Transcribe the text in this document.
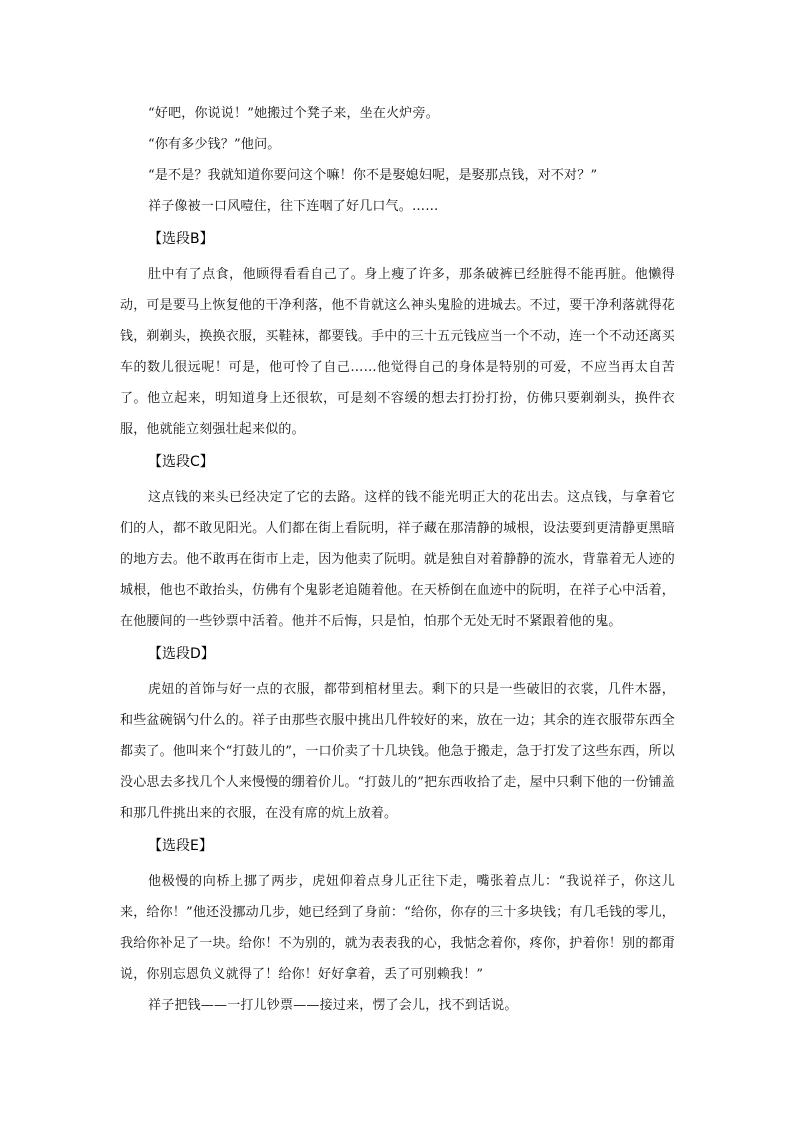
“好吧，你说说！”她搬过个凳子来，坐在火炉旁。

“你有多少钱？”他问。

“是不是？我就知道你要问这个嘛！你不是娶媳妇呢，是娶那点钱，对不对？”

祥子像被一口风噎住，往下连咽了好几口气。……

【选段B】

肚中有了点食，他顾得看看自己了。身上瘦了许多，那条破裤已经脏得不能再脏。他懒得动，可是要马上恢复他的干净利落，他不肯就这么神头鬼脸的进城去。不过，要干净利落就得花钱，剃剃头，换换衣服，买鞋袜，都要钱。手中的三十五元钱应当一个不动，连一个不动还离买车的数儿很远呢！可是，他可怜了自己……他觉得自己的身体是特别的可爱，不应当再太自苦了。他立起来，明知道身上还很软，可是刻不容缓的想去打扮打扮，仿佛只要剃剃头，换件衣服，他就能立刻强壮起来似的。

【选段C】

这点钱的来头已经决定了它的去路。这样的钱不能光明正大的花出去。这点钱，与拿着它们的人，都不敢见阳光。人们都在街上看阮明，祥子藏在那清静的城根，设法要到更清静更黑暗的地方去。他不敢再在街市上走，因为他卖了阮明。就是独自对着静静的流水，背靠着无人迹的城根，他也不敢抬头，仿佛有个鬼影老追随着他。在天桥倒在血迹中的阮明，在祥子心中活着，在他腰间的一些钞票中活着。他并不后悔，只是怕，怕那个无处无时不紧跟着他的鬼。

【选段D】

虎妞的首饰与好一点的衣服，都带到棺材里去。剩下的只是一些破旧的衣裳，几件木器，和些盆碗锅勺什么的。祥子由那些衣服中挑出几件较好的来，放在一边；其余的连衣服带东西全都卖了。他叫来个“打鼓儿的”，一口价卖了十几块钱。他急于搬走，急于打发了这些东西，所以没心思去多找几个人来慢慢的绷着价儿。“打鼓儿的”把东西收拾了走，屋中只剩下他的一份铺盖和那几件挑出来的衣服，在没有席的炕上放着。

【选段E】

他极慢的向桥上挪了两步，虎妞仰着点身儿正往下走，嘴张着点儿：“我说祥子，你这儿来，给你！”他还没挪动几步，她已经到了身前：“给你，你存的三十多块钱；有几毛钱的零儿，我给你补足了一块。给你！不为别的，就为表表我的心，我惦念着你，疼你，护着你！别的都甭说，你别忘恩负义就得了！给你！好好拿着，丢了可别赖我！”

祥子把钱——一打儿钞票——接过来，愣了会儿，找不到话说。
